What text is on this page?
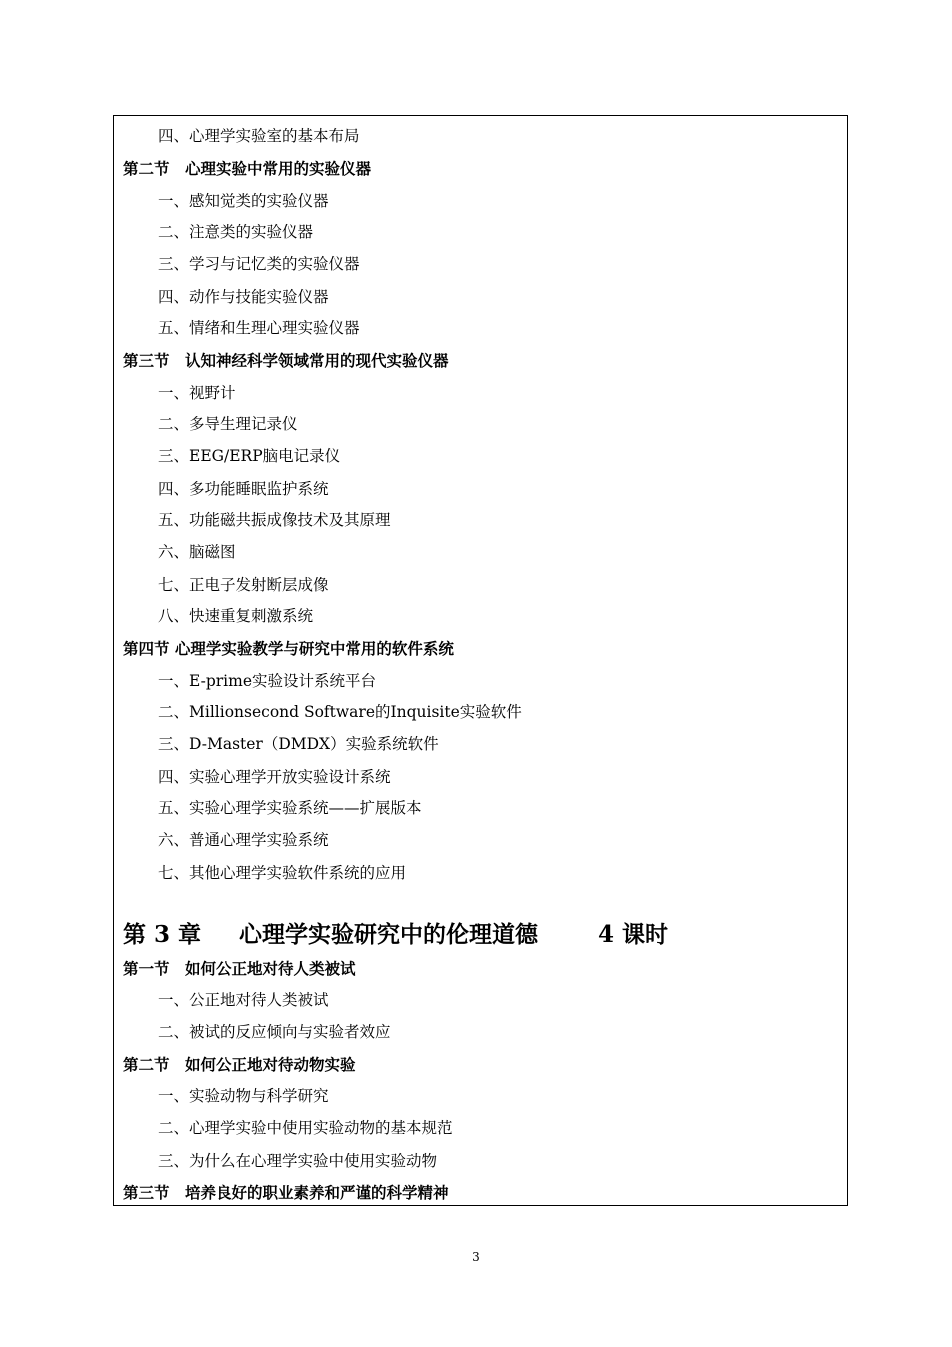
四、心理学实验室的基本布局
第二节　心理实验中常用的实验仪器
一、感知觉类的实验仪器
二、注意类的实验仪器
三、学习与记忆类的实验仪器
四、动作与技能实验仪器
五、情绪和生理心理实验仪器
第三节　认知神经科学领域常用的现代实验仪器
一、视野计
二、多导生理记录仪
三、EEG/ERP脑电记录仪
四、多功能睡眠监护系统
五、功能磁共振成像技术及其原理
六、脑磁图
七、正电子发射断层成像
八、快速重复刺激系统
第四节 心理学实验教学与研究中常用的软件系统
一、E-prime实验设计系统平台
二、Millionsecond Software的Inquisite实验软件
三、D-Master（DMDX）实验系统软件
四、实验心理学开放实验设计系统
五、实验心理学实验系统——扩展版本
六、普通心理学实验系统
七、其他心理学实验软件系统的应用
第 3 章 心理学实验研究中的伦理道德	4 课时
第一节　如何公正地对待人类被试
一、公正地对待人类被试
二、被试的反应倾向与实验者效应
第二节　如何公正地对待动物实验
一、实验动物与科学研究
二、心理学实验中使用实验动物的基本规范
三、为什么在心理学实验中使用实验动物
第三节　培养良好的职业素养和严谨的科学精神
3
